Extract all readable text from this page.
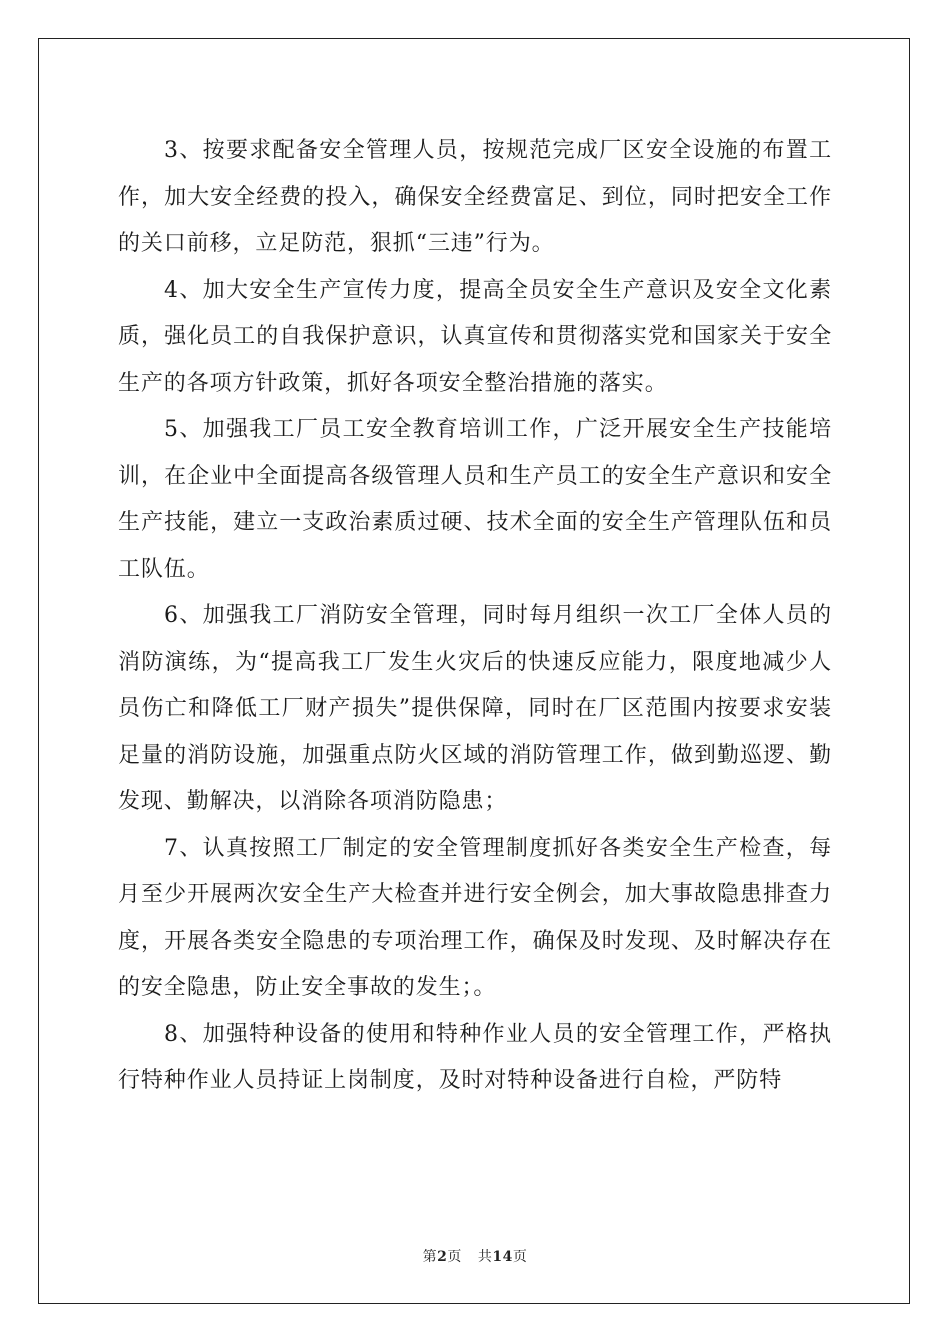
3、按要求配备安全管理人员，按规范完成厂区安全设施的布置工作，加大安全经费的投入，确保安全经费富足、到位，同时把安全工作的关口前移，立足防范，狠抓“三违”行为。

4、加大安全生产宣传力度，提高全员安全生产意识及安全文化素质，强化员工的自我保护意识，认真宣传和贯彻落实党和国家关于安全生产的各项方针政策，抓好各项安全整治措施的落实。

5、加强我工厂员工安全教育培训工作，广泛开展安全生产技能培训，在企业中全面提高各级管理人员和生产员工的安全生产意识和安全生产技能，建立一支政治素质过硬、技术全面的安全生产管理队伍和员工队伍。

6、加强我工厂消防安全管理，同时每月组织一次工厂全体人员的消防演练，为“提高我工厂发生火灾后的快速反应能力，限度地减少人员伤亡和降低工厂财产损失”提供保障，同时在厂区范围内按要求安装足量的消防设施，加强重点防火区域的消防管理工作，做到勤巡逻、勤发现、勤解决，以消除各项消防隐患；

7、认真按照工厂制定的安全管理制度抓好各类安全生产检查，每月至少开展两次安全生产大检查并进行安全例会，加大事故隐患排查力度，开展各类安全隐患的专项治理工作，确保及时发现、及时解决存在的安全隐患，防止安全事故的发生；。

8、加强特种设备的使用和特种作业人员的安全管理工作，严格执行特种作业人员持证上岗制度，及时对特种设备进行自检，严防特

第2页 共14页
